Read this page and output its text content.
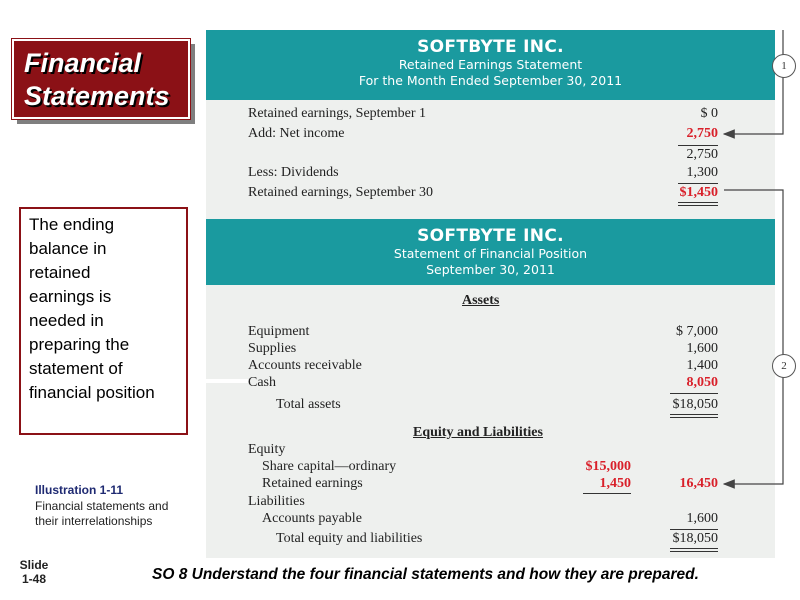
Financial
Statements
SOFTBYTE INC.
Retained Earnings Statement
For the Month Ended September 30, 2011
Retained earnings, September 1	$ 0
Add: Net income	2,750
2,750
Less: Dividends	1,300
Retained earnings, September 30	$1,450
SOFTBYTE INC.
Statement of Financial Position
September 30, 2011
Assets
Equipment	$ 7,000
Supplies	1,600
Accounts receivable	1,400
Cash	8,050
Total assets	$18,050
Equity and Liabilities
Equity
Share capital—ordinary	$15,000
Retained earnings	1,450	16,450
Liabilities
Accounts payable	1,600
Total equity and liabilities	$18,050
1
2
The ending
balance in
retained
earnings is
needed in
preparing the
statement of
financial position
Illustration 1-11
Financial statements and their interrelationships
Slide
1-48	SO 8 Understand the four financial statements and how they are prepared.
